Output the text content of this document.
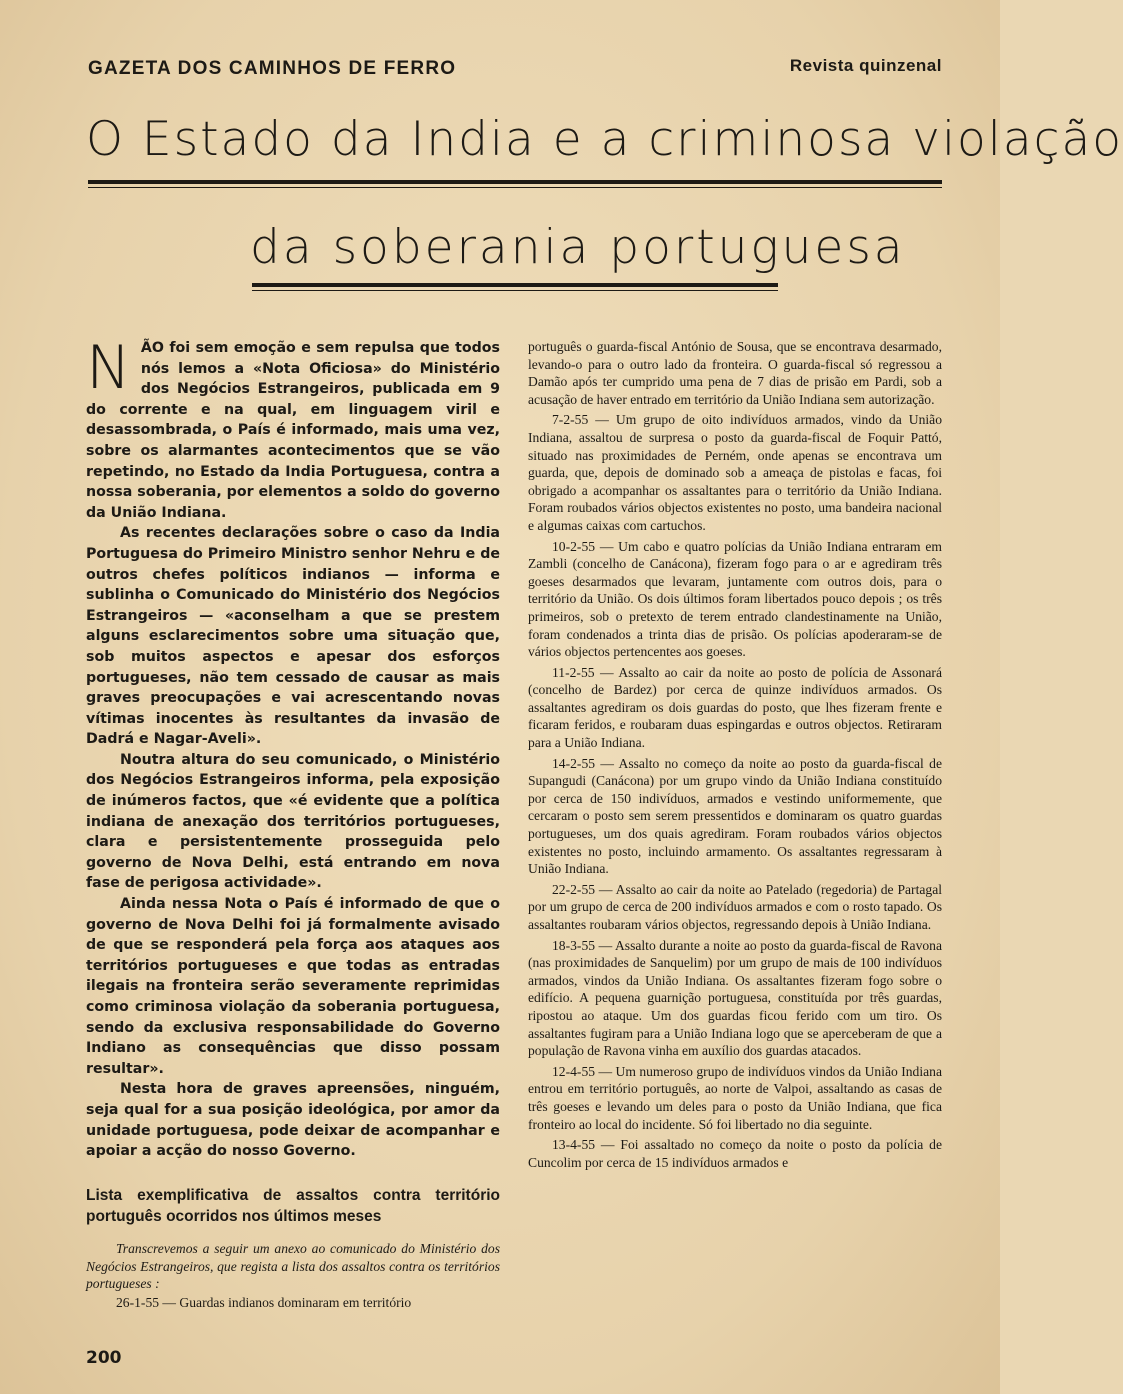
GAZETA DOS CAMINHOS DE FERRO	Revista quinzenal
O Estado da India e a criminosa violação
da soberania portuguesa

NÃO foi sem emoção e sem repulsa que todos nós lemos a «Nota Oficiosa» do Ministério dos Negócios Estrangeiros, publicada em 9 do corrente e na qual, em linguagem viril e desassombrada, o País é informado, mais uma vez, sobre os alarmantes acontecimentos que se vão repetindo, no Estado da India Portuguesa, contra a nossa soberania, por elementos a soldo do governo da União Indiana.

As recentes declarações sobre o caso da India Portuguesa do Primeiro Ministro senhor Nehru e de outros chefes políticos indianos — informa e sublinha o Comunicado do Ministério dos Negócios Estrangeiros — «aconselham a que se prestem alguns esclarecimentos sobre uma situação que, sob muitos aspectos e apesar dos esforços portugueses, não tem cessado de causar as mais graves preocupações e vai acrescentando novas vítimas inocentes às resultantes da invasão de Dadrá e Nagar-Aveli».

Noutra altura do seu comunicado, o Ministério dos Negócios Estrangeiros informa, pela exposição de inúmeros factos, que «é evidente que a política indiana de anexação dos territórios portugueses, clara e persistentemente prosseguida pelo governo de Nova Delhi, está entrando em nova fase de perigosa actividade».

Ainda nessa Nota o País é informado de que o governo de Nova Delhi foi já formalmente avisado de que se responderá pela força aos ataques aos territórios portugueses e que todas as entradas ilegais na fronteira serão severamente reprimidas como criminosa violação da soberania portuguesa, sendo da exclusiva responsabilidade do Governo Indiano as consequências que disso possam resultar».

Nesta hora de graves apreensões, ninguém, seja qual for a sua posição ideológica, por amor da unidade portuguesa, pode deixar de acompanhar e apoiar a acção do nosso Governo.

Lista exemplificativa de assaltos contra território português ocorridos nos últimos meses
Transcrevemos a seguir um anexo ao comunicado do Ministério dos Negócios Estrangeiros, que regista a lista dos assaltos contra os territórios portugueses :
26-1-55 — Guardas indianos dominaram em território

português o guarda-fiscal António de Sousa, que se encontrava desarmado, levando-o para o outro lado da fronteira. O guarda-fiscal só regressou a Damão após ter cumprido uma pena de 7 dias de prisão em Pardi, sob a acusação de haver entrado em território da União Indiana sem autorização.

7-2-55 — Um grupo de oito indivíduos armados, vindo da União Indiana, assaltou de surpresa o posto da guarda-fiscal de Foquir Pattó, situado nas proximidades de Perném, onde apenas se encontrava um guarda, que, depois de dominado sob a ameaça de pistolas e facas, foi obrigado a acompanhar os assaltantes para o território da União Indiana. Foram roubados vários objectos existentes no posto, uma bandeira nacional e algumas caixas com cartuchos.

10-2-55 — Um cabo e quatro polícias da União Indiana entraram em Zambli (concelho de Canácona), fizeram fogo para o ar e agrediram três goeses desarmados que levaram, juntamente com outros dois, para o território da União. Os dois últimos foram libertados pouco depois ; os três primeiros, sob o pretexto de terem entrado clandestinamente na União, foram condenados a trinta dias de prisão. Os polícias apoderaram-se de vários objectos pertencentes aos goeses.

11-2-55 — Assalto ao cair da noite ao posto de polícia de Assonará (concelho de Bardez) por cerca de quinze indivíduos armados. Os assaltantes agrediram os dois guardas do posto, que lhes fizeram frente e ficaram feridos, e roubaram duas espingardas e outros objectos. Retiraram para a União Indiana.

14-2-55 — Assalto no começo da noite ao posto da guarda-fiscal de Supangudi (Canácona) por um grupo vindo da União Indiana constituído por cerca de 150 indivíduos, armados e vestindo uniformemente, que cercaram o posto sem serem pressentidos e dominaram os quatro guardas portugueses, um dos quais agrediram. Foram roubados vários objectos existentes no posto, incluindo armamento. Os assaltantes regressaram à União Indiana.

22-2-55 — Assalto ao cair da noite ao Patelado (regedoria) de Partagal por um grupo de cerca de 200 indivíduos armados e com o rosto tapado. Os assaltantes roubaram vários objectos, regressando depois à União Indiana.

18-3-55 — Assalto durante a noite ao posto da guarda-fiscal de Ravona (nas proximidades de Sanquelim) por um grupo de mais de 100 indivíduos armados, vindos da União Indiana. Os assaltantes fizeram fogo sobre o edifício. A pequena guarnição portuguesa, constituída por três guardas, ripostou ao ataque. Um dos guardas ficou ferido com um tiro. Os assaltantes fugiram para a União Indiana logo que se aperceberam de que a população de Ravona vinha em auxílio dos guardas atacados.

12-4-55 — Um numeroso grupo de indivíduos vindos da União Indiana entrou em território português, ao norte de Valpoi, assaltando as casas de três goeses e levando um deles para o posto da União Indiana, que fica fronteiro ao local do incidente. Só foi libertado no dia seguinte.

13-4-55 — Foi assaltado no começo da noite o posto da polícia de Cuncolim por cerca de 15 indivíduos armados e

200
